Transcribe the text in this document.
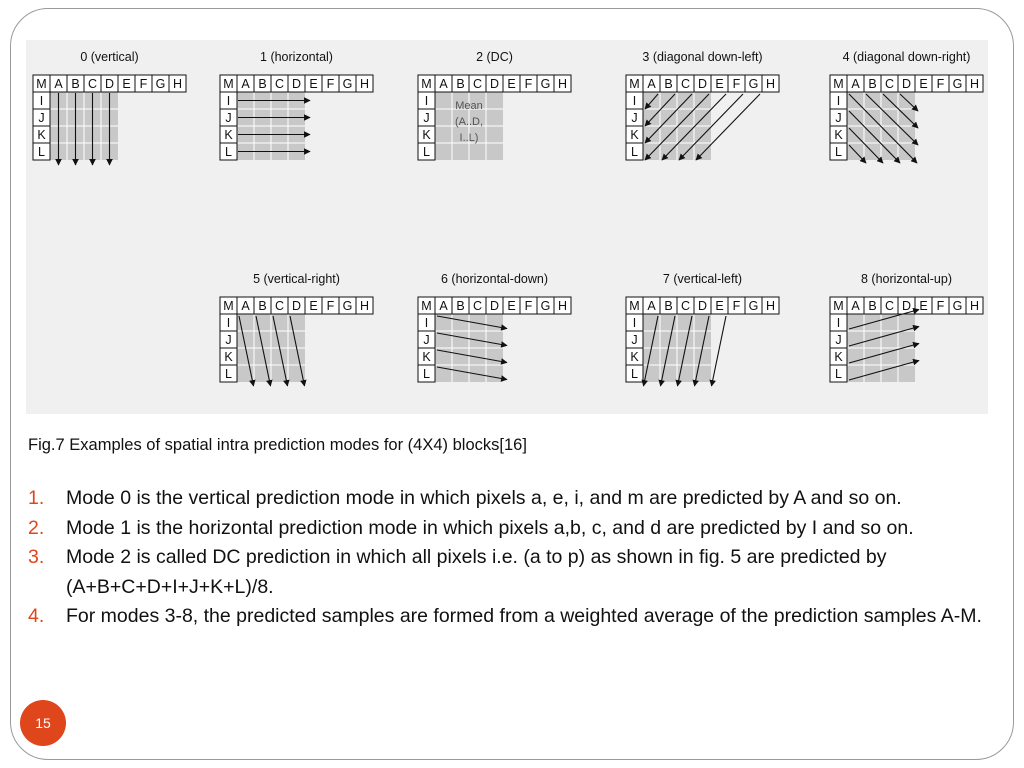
0 (vertical)
M A B C D E F G H
I
J
K
L
1 (horizontal)
M A B C D E F G H
I
J
K
L
2 (DC)
M A B C D E F G H
I
J
K
L
Mean
(A..D,
I..L)
3 (diagonal down-left)
M A B C D E F G H
I
J
K
L
4 (diagonal down-right)
M A B C D E F G H
I
J
K
L
5 (vertical-right)
M A B C D E F G H
I
J
K
L
6 (horizontal-down)
M A B C D E F G H
I
J
K
L
7 (vertical-left)
M A B C D E F G H
I
J
K
L
8 (horizontal-up)
M A B C D E F G H
I
J
K
L
Fig.7 Examples of spatial intra prediction modes for (4X4) blocks[16]
1.	Mode 0 is the vertical prediction mode in which pixels a, e, i, and m are predicted by A and so on.
2.	Mode 1 is the horizontal prediction mode in which pixels a,b, c, and d are predicted by I and so on.
3.	Mode 2 is called DC prediction in which all pixels i.e. (a to p) as shown in fig. 5 are predicted by (A+B+C+D+I+J+K+L)/8.
4.	For modes 3-8, the predicted samples are formed from a weighted average of the prediction samples A-M.
15
